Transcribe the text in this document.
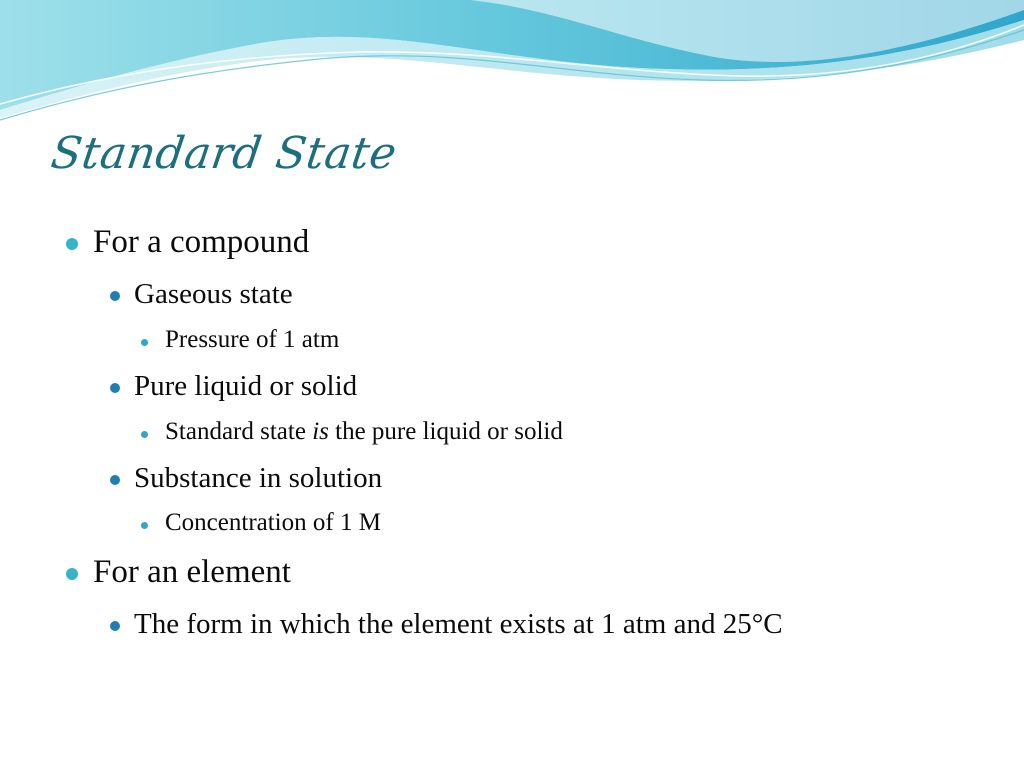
Standard State
For a compound
Gaseous state
Pressure of 1 atm
Pure liquid or solid
Standard state is the pure liquid or solid
Substance in solution
Concentration of 1 M
For an element
The form in which the element exists at 1 atm and 25°C
